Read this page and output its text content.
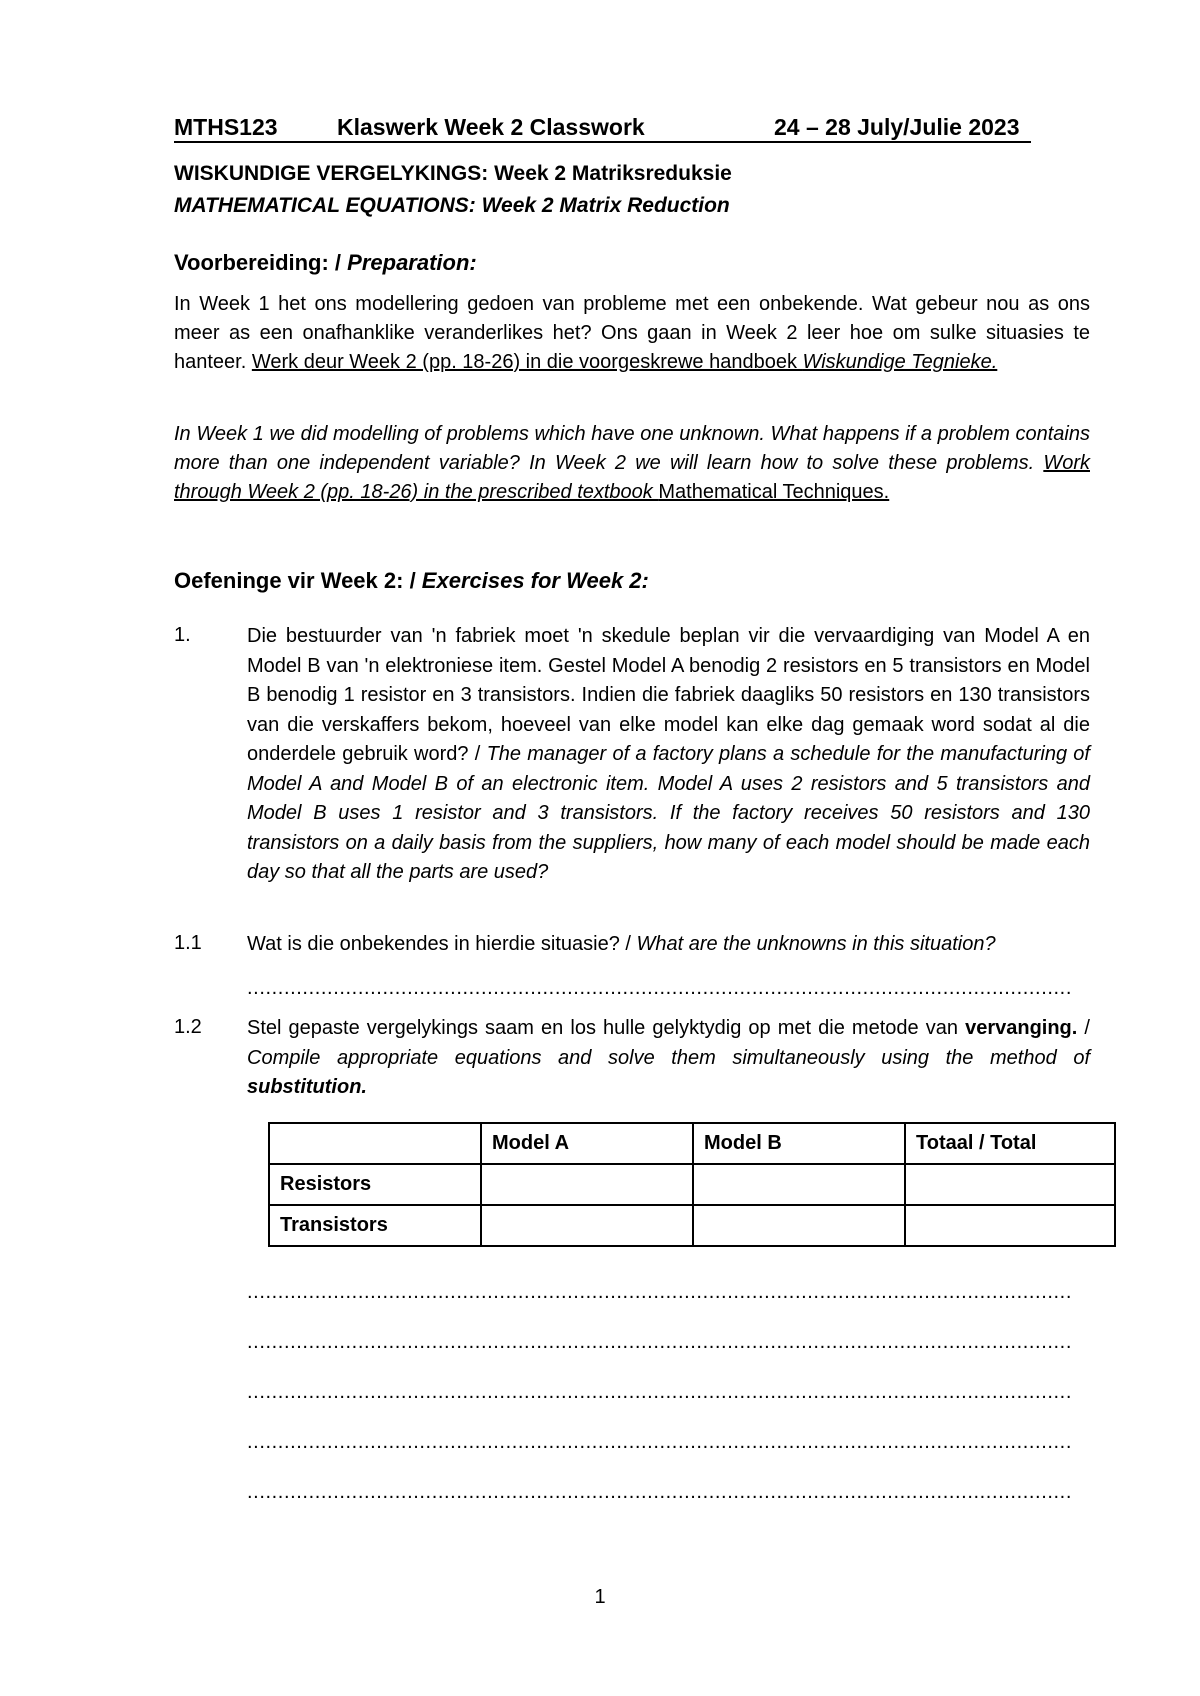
MTHS123	Klaswerk Week 2 Classwork	24 – 28 July/Julie 2023
WISKUNDIGE VERGELYKINGS: Week 2 Matriksreduksie
MATHEMATICAL EQUATIONS: Week 2 Matrix Reduction
Voorbereiding: / Preparation:
In Week 1 het ons modellering gedoen van probleme met een onbekende. Wat gebeur nou as ons meer as een onafhanklike veranderlikes het? Ons gaan in Week 2 leer hoe om sulke situasies te hanteer. Werk deur Week 2 (pp. 18-26) in die voorgeskrewe handboek Wiskundige Tegnieke.
In Week 1 we did modelling of problems which have one unknown. What happens if a problem contains more than one independent variable? In Week 2 we will learn how to solve these problems. Work through Week 2 (pp. 18-26) in the prescribed textbook Mathematical Techniques.
Oefeninge vir Week 2: / Exercises for Week 2:
1.	Die bestuurder van 'n fabriek moet 'n skedule beplan vir die vervaardiging van Model A en Model B van 'n elektroniese item. Gestel Model A benodig 2 resistors en 5 transistors en Model B benodig 1 resistor en 3 transistors. Indien die fabriek daagliks 50 resistors en 130 transistors van die verskaffers bekom, hoeveel van elke model kan elke dag gemaak word sodat al die onderdele gebruik word? / The manager of a factory plans a schedule for the manufacturing of Model A and Model B of an electronic item. Model A uses 2 resistors and 5 transistors and Model B uses 1 resistor and 3 transistors. If the factory receives 50 resistors and 130 transistors on a daily basis from the suppliers, how many of each model should be made each day so that all the parts are used?
1.1 Wat is die onbekendes in hierdie situasie? / What are the unknowns in this situation?
......................................................................................................................................
1.2 Stel gepaste vergelykings saam en los hulle gelyktydig op met die metode van vervanging. / Compile appropriate equations and solve them simultaneously using the method of substitution.
	Model A	Model B	Totaal / Total
Resistors			
Transistors			
......................................................................................................................................
......................................................................................................................................
......................................................................................................................................
......................................................................................................................................
......................................................................................................................................
1
